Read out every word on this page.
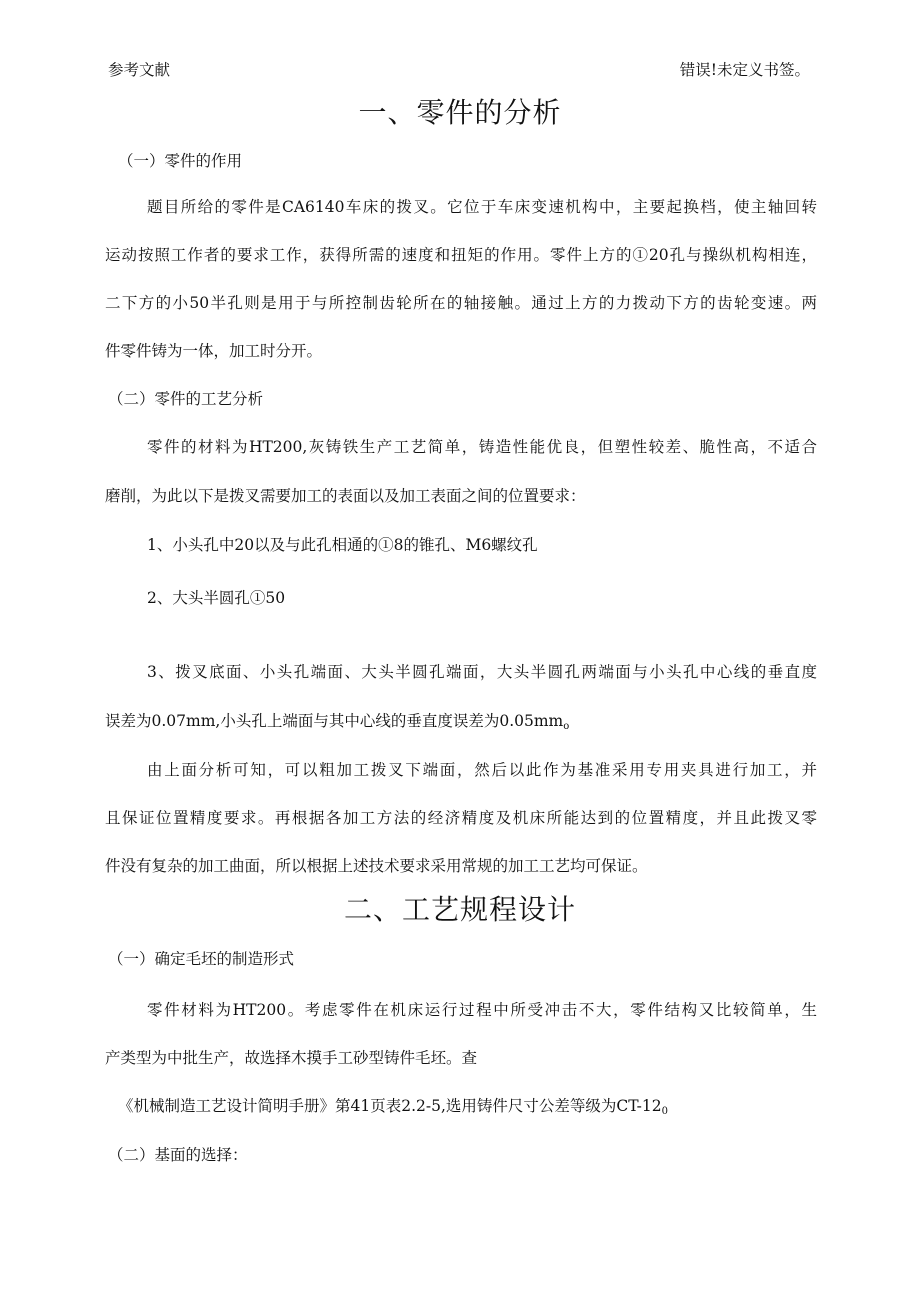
参考文献	错误!未定义书签。
一、零件的分析
（一）零件的作用
题目所给的零件是CA6140车床的拨叉。它位于车床变速机构中，主要起换档，使主轴回转
运动按照工作者的要求工作，获得所需的速度和扭矩的作用。零件上方的①20孔与操纵机构相连，
二下方的小50半孔则是用于与所控制齿轮所在的轴接触。通过上方的力拨动下方的齿轮变速。两
件零件铸为一体，加工时分开。
（二）零件的工艺分析
零件的材料为HT200,灰铸铁生产工艺简单，铸造性能优良，但塑性较差、脆性高，不适合
磨削，为此以下是拨叉需要加工的表面以及加工表面之间的位置要求：
1、小头孔中20以及与此孔相通的①8的锥孔、M6螺纹孔
2、大头半圆孔①50
3、拨叉底面、小头孔端面、大头半圆孔端面，大头半圆孔两端面与小头孔中心线的垂直度
误差为0.07mm,小头孔上端面与其中心线的垂直度误差为$0.05mm_o$
由上面分析可知，可以粗加工拨叉下端面，然后以此作为基准采用专用夹具进行加工，并
且保证位置精度要求。再根据各加工方法的经济精度及机床所能达到的位置精度，并且此拨叉零
件没有复杂的加工曲面，所以根据上述技术要求采用常规的加工工艺均可保证。
二、工艺规程设计
（一）确定毛坯的制造形式
零件材料为HT200。考虑零件在机床运行过程中所受冲击不大，零件结构又比较简单，生
产类型为中批生产，故选择木摸手工砂型铸件毛坯。查
《机械制造工艺设计简明手册》第41页表2.2-5,选用铸件尺寸公差等级为$CT-12_0$
（二）基面的选择：
